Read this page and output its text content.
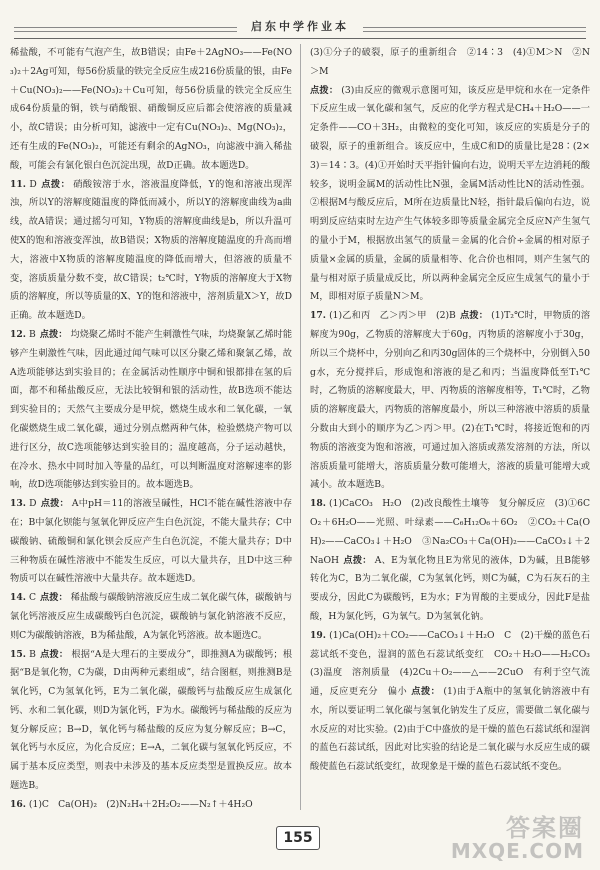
启东中学作业本

稀盐酸，不可能有气泡产生，故B错误；由Fe＋2AgNO₃——Fe(NO₃)₂＋2Ag可知，每56份质量的铁完全反应生成216份质量的银，由Fe＋Cu(NO₃)₂——Fe(NO₃)₂＋Cu可知，每56份质量的铁完全反应生成64份质量的铜，铁与硝酸银、硝酸铜反应后都会使溶液的质量减小，故C错误；由分析可知，滤液中一定有Cu(NO₃)₂、Mg(NO₃)₂，还有生成的Fe(NO₃)₂，可能还有剩余的AgNO₃，向滤液中滴入稀盐酸，可能会有氯化银白色沉淀出现，故D正确。故本题选D。

11. D 点拨： 硝酸铵溶于水，溶液温度降低，Y的饱和溶液出现浑浊，所以Y的溶解度随温度的降低而减小，所以Y的溶解度曲线为a曲线，故A错误；通过摇匀可知，Y物质的溶解度曲线是b，所以升温可使X的饱和溶液变浑浊，故B错误；X物质的溶解度随温度的升高而增大，溶液中X物质的溶解度随温度的降低而增大，但溶液的质量不变，溶质质量分数不变，故C错误；t₂℃时，Y物质的溶解度大于X物质的溶解度，所以等质量的X、Y的饱和溶液中，溶剂质量X＞Y，故D正确。故本题选D。

12. B 点拨： 均烧聚乙烯时不能产生刺激性气味，均烧聚氯乙烯时能够产生刺激性气味，因此通过闻气味可以区分聚乙烯和聚氯乙烯，故A选项能够达到实验目的；在金属活动性顺序中铜和银都排在氢的后面，都不和稀盐酸反应，无法比较铜和银的活动性，故B选项不能达到实验目的；天然气主要成分是甲烷，燃烧生成水和二氧化碳，一氧化碳燃烧生成二氧化碳，通过分别点燃两种气体，检验燃烧产物可以进行区分，故C选项能够达到实验目的；温度越高，分子运动越快，在冷水、热水中同时加入等量的品红，可以判断温度对溶解速率的影响，故D选项能够达到实验目的。故本题选B。

13. D 点拨： A中pH＝11的溶液呈碱性，HCl不能在碱性溶液中存在；B中氯化钡能与氢氧化钾反应产生白色沉淀，不能大量共存；C中碳酸钠、硫酸铜和氯化钡会反应产生白色沉淀，不能大量共存；D中三种物质在碱性溶液中不能发生反应，可以大量共存，且D中这三种物质可以在碱性溶液中大量共存。故本题选D。

14. C 点拨： 稀盐酸与碳酸钠溶液反应生成二氧化碳气体，碳酸钠与氯化钙溶液反应生成碳酸钙白色沉淀，碳酸钠与氯化钠溶液不反应，则C为碳酸钠溶液，B为稀盐酸，A为氯化钙溶液。故本题选C。

15. B 点拨： 根据“A是大理石的主要成分”，即推测A为碳酸钙；根据“B是氧化物，C为碳，D由两种元素组成”，结合图框，则推测B是氧化钙，C为氢氧化钙，E为二氧化碳，碳酸钙与盐酸反应生成氯化钙、水和二氧化碳，则D为氯化钙，F为水。碳酸钙与稀盐酸的反应为复分解反应；B→D，氧化钙与稀盐酸的反应为复分解反应；B→C，氧化钙与水反应，为化合反应；E→A，二氧化碳与氢氧化钙反应，不属于基本反应类型，则表中未涉及的基本反应类型是置换反应。故本题选B。

16. (1)C　Ca(OH)₂　(2)N₂H₄＋2H₂O₂——N₂↑＋4H₂O

(3)①分子的破裂，原子的重新组合　②14∶3　(4)①M＞N　②N＞M

点拨： (3)由反应的微观示意图可知，该反应是甲烷和水在一定条件下反应生成一氧化碳和氢气，反应的化学方程式是CH₄＋H₂O——一定条件——CO＋3H₂，由微粒的变化可知，该反应的实质是分子的破裂，原子的重新组合。该反应中，生成C和D的质量比是28∶(2×3)＝14∶3。(4)①开始时天平指针偏向右边，说明天平左边消耗的酸较多，说明金属M的活动性比N强，金属M活动性比N的活动性强。②根据M与酸反应后，M所在边质量比N轻，指针最后偏向右边，说明到反应结束时左边产生气体较多即等质量金属完全反应N产生氢气的量小于M，根据放出氢气的质量＝金属的化合价÷金属的相对原子质量×金属的质量，金属的质量相等、化合价也相同，则产生氢气的量与相对原子质量成反比，所以两种金属完全反应生成氢气的量小于M，即相对原子质量N＞M。

17. (1)乙和丙　乙＞丙＞甲　(2)B 点拨： (1)T₂℃时，甲物质的溶解度为90g，乙物质的溶解度大于60g，丙物质的溶解度小于30g，所以三个烧杯中，分别向乙和丙30g固体的三个烧杯中，分别倒入50g水，充分搅拌后，形成饱和溶液的是乙和丙；当温度降低至T₁℃时，乙物质的溶解度最大，甲、丙物质的溶解度相等，T₁℃时，乙物质的溶解度最大，丙物质的溶解度最小，所以三种溶液中溶质的质量分数由大到小的顺序为乙＞丙＞甲。(2)在T₁℃时，将接近饱和的丙物质的溶液变为饱和溶液，可通过加入溶质或蒸发溶剂的方法，所以溶质质量可能增大，溶质质量分数可能增大，溶液的质量可能增大或减小。故本题选B。

18. (1)CaCO₃　H₂O　(2)改良酸性土壤等　复分解反应　(3)①6CO₂＋6H₂O——光照、叶绿素——C₆H₁₂O₆＋6O₂　②CO₂＋Ca(OH)₂——CaCO₃↓＋H₂O　③Na₂CO₃＋Ca(OH)₂——CaCO₃↓＋2NaOH 点拨： A、E为氧化物且E为常见的液体，D为碱，且B能够转化为C，B为二氧化碳，C为氢氧化钙，则C为碱，C为石灰石的主要成分，因此C为碳酸钙，E为水；F为胃酸的主要成分，因此F是盐酸，H为氯化钙，G为氧气。D为氢氧化钠。

19. (1)Ca(OH)₂＋CO₂——CaCO₃↓＋H₂O　C　(2)干燥的蓝色石蕊试纸不变色，湿润的蓝色石蕊试纸变红　CO₂＋H₂O——H₂CO₃　(3)温度　溶剂质量　(4)2Cu＋O₂——△——2CuO　有利于空气流通，反应更充分　偏小 点拨： (1)由于A瓶中的氢氧化钠溶液中有水，所以要证明二氧化碳与氢氧化钠发生了反应，需要做二氧化碳与水反应的对比实验。(2)由于C中盛放的是干燥的蓝色石蕊试纸和湿润的蓝色石蕊试纸，因此对比实验的结论是二氧化碳与水反应生成的碳酸使蓝色石蕊试纸变红，故现象是干燥的蓝色石蕊试纸不变色。

155	答案圈
MXQE.COM
